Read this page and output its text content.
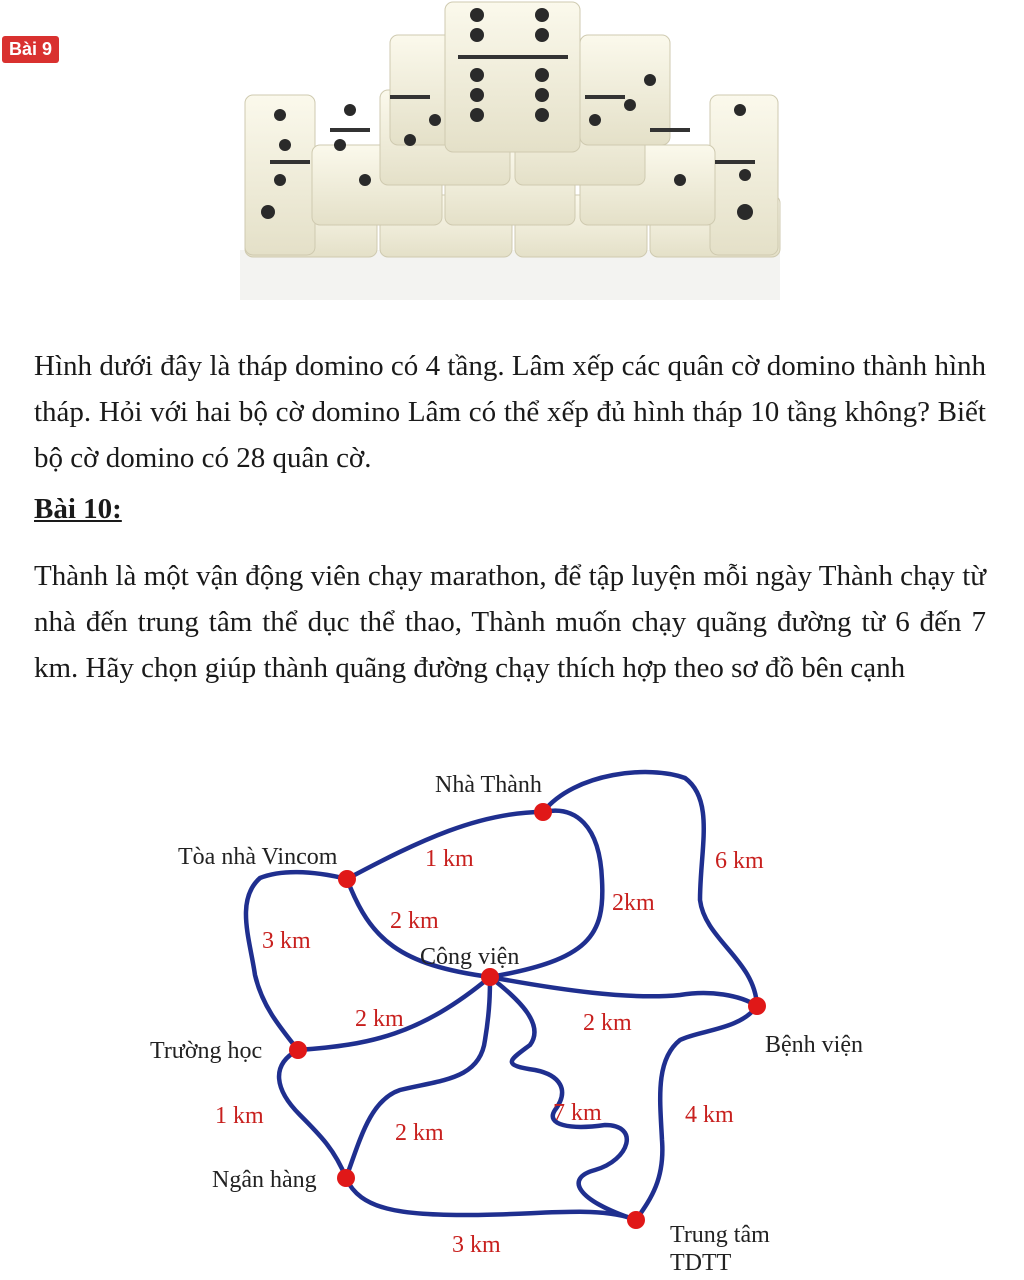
Bài 9

Hình dưới đây là tháp domino có 4 tầng. Lâm xếp các quân cờ domino thành hình tháp. Hỏi với hai bộ cờ domino Lâm có thể xếp đủ hình tháp 10 tầng không? Biết bộ cờ domino có 28 quân cờ.

Bài 10:

Thành là một vận động viên chạy marathon, để tập luyện mỗi ngày Thành chạy từ nhà đến trung tâm thể dục thể thao, Thành muốn chạy quãng đường từ 6 đến 7 km. Hãy chọn giúp thành quãng đường chạy thích hợp theo sơ đồ bên cạnh

Nhà Thành
Tòa nhà Vincom
Công viện
Trường học	Bệnh viện
Ngân hàng
Trung tâm
TDTT
1 km	6 km
2km
2 km
3 km
2 km	2 km
1 km
2 km
7 km	4 km
3 km
